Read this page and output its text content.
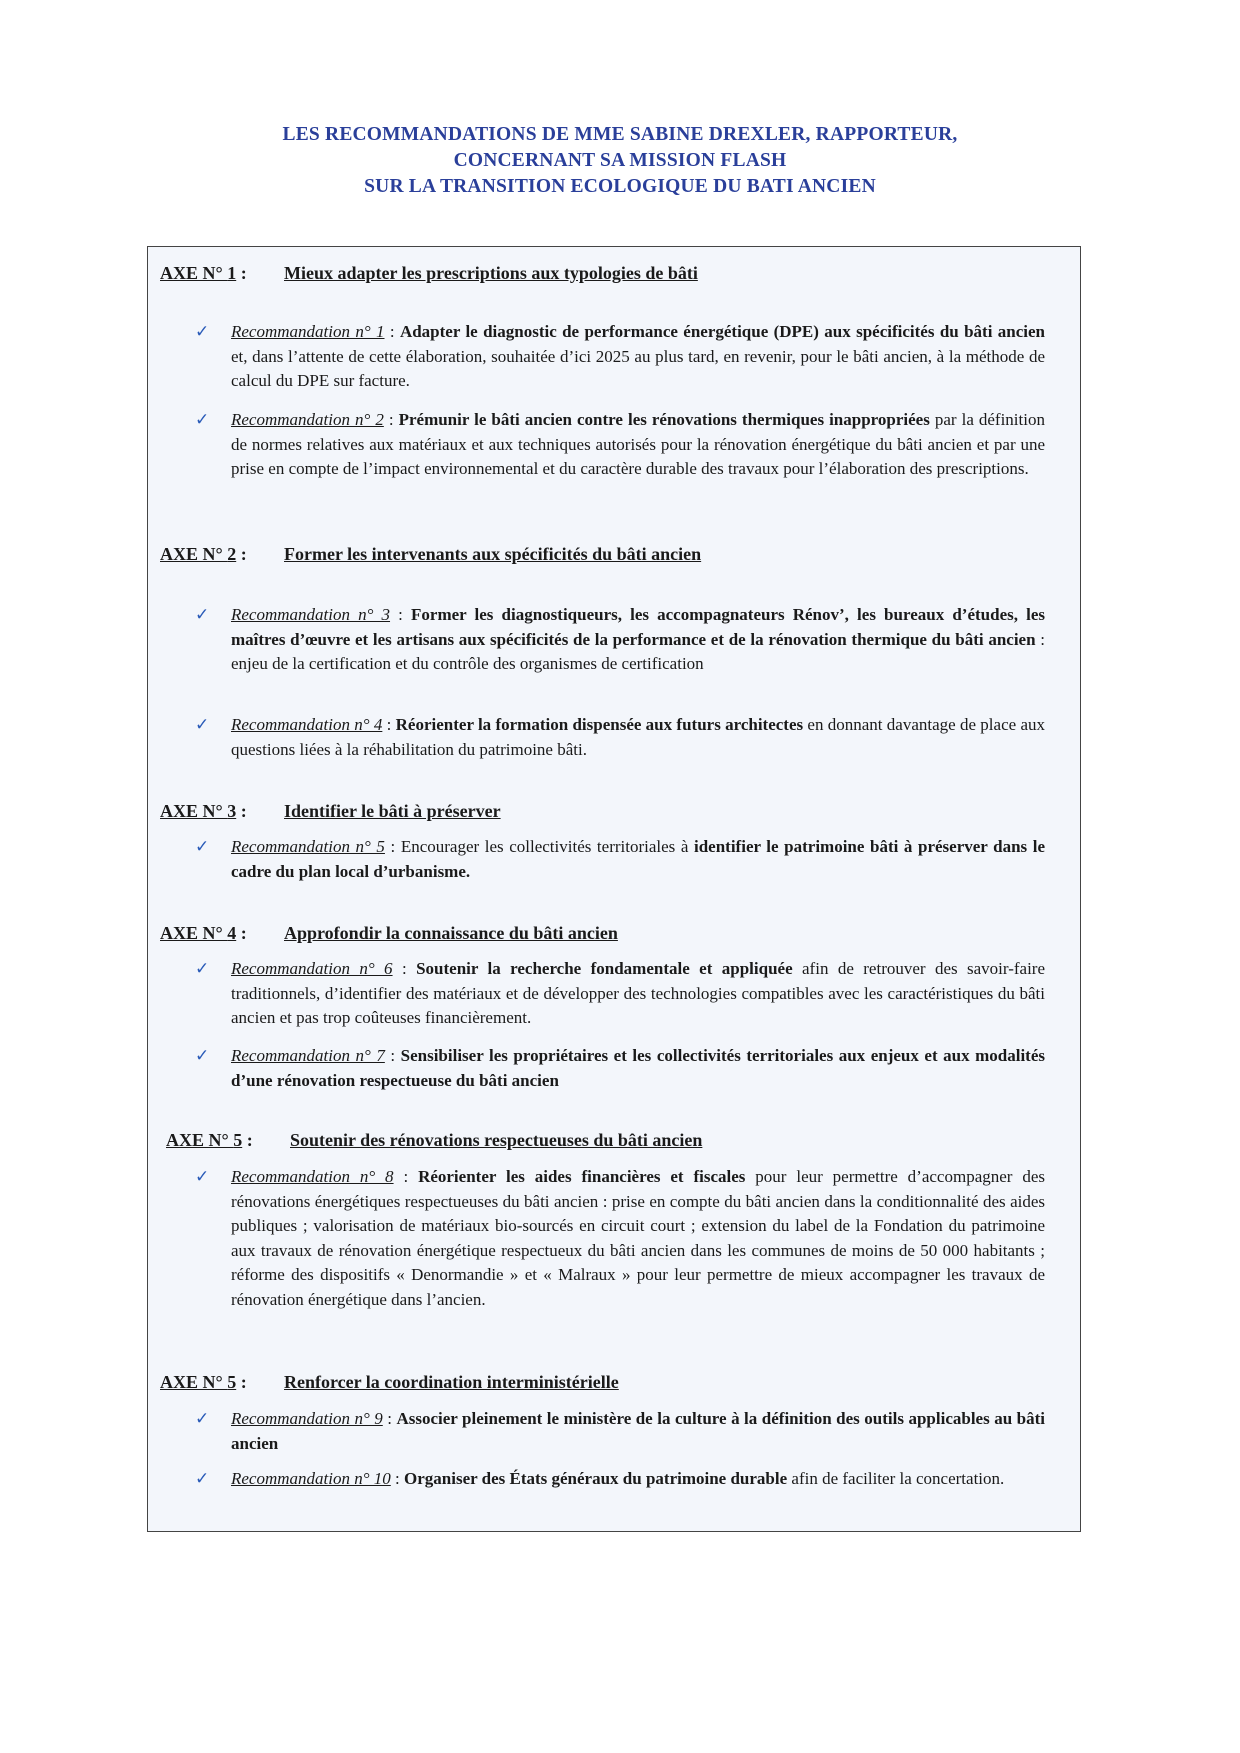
LES RECOMMANDATIONS DE MME SABINE DREXLER, RAPPORTEUR,
CONCERNANT SA MISSION FLASH
SUR LA TRANSITION ECOLOGIQUE DU BATI ANCIEN
AXE N° 1 : Mieux adapter les prescriptions aux typologies de bâti
✓ Recommandation n° 1 : Adapter le diagnostic de performance énergétique (DPE) aux spécificités du bâti ancien et, dans l’attente de cette élaboration, souhaitée d’ici 2025 au plus tard, en revenir, pour le bâti ancien, à la méthode de calcul du DPE sur facture.
✓ Recommandation n° 2 : Prémunir le bâti ancien contre les rénovations thermiques inappropriées par la définition de normes relatives aux matériaux et aux techniques autorisés pour la rénovation énergétique du bâti ancien et par une prise en compte de l’impact environnemental et du caractère durable des travaux pour l’élaboration des prescriptions.
AXE N° 2 : Former les intervenants aux spécificités du bâti ancien
✓ Recommandation n° 3 : Former les diagnostiqueurs, les accompagnateurs Rénov’, les bureaux d’études, les maîtres d’œuvre et les artisans aux spécificités de la performance et de la rénovation thermique du bâti ancien : enjeu de la certification et du contrôle des organismes de certification
✓ Recommandation n° 4 : Réorienter la formation dispensée aux futurs architectes en donnant davantage de place aux questions liées à la réhabilitation du patrimoine bâti.
AXE N° 3 : Identifier le bâti à préserver
✓ Recommandation n° 5 : Encourager les collectivités territoriales à identifier le patrimoine bâti à préserver dans le cadre du plan local d’urbanisme.
AXE N° 4 : Approfondir la connaissance du bâti ancien
✓ Recommandation n° 6 : Soutenir la recherche fondamentale et appliquée afin de retrouver des savoir-faire traditionnels, d’identifier des matériaux et de développer des technologies compatibles avec les caractéristiques du bâti ancien et pas trop coûteuses financièrement.
✓ Recommandation n° 7 : Sensibiliser les propriétaires et les collectivités territoriales aux enjeux et aux modalités d’une rénovation respectueuse du bâti ancien
AXE N° 5 : Soutenir des rénovations respectueuses du bâti ancien
✓ Recommandation n° 8 : Réorienter les aides financières et fiscales pour leur permettre d’accompagner des rénovations énergétiques respectueuses du bâti ancien : prise en compte du bâti ancien dans la conditionnalité des aides publiques ; valorisation de matériaux bio-sourcés en circuit court ; extension du label de la Fondation du patrimoine aux travaux de rénovation énergétique respectueux du bâti ancien dans les communes de moins de 50 000 habitants ; réforme des dispositifs « Denormandie » et « Malraux » pour leur permettre de mieux accompagner les travaux de rénovation énergétique dans l’ancien.
AXE N° 5 : Renforcer la coordination interministérielle
✓ Recommandation n° 9 : Associer pleinement le ministère de la culture à la définition des outils applicables au bâti ancien
✓ Recommandation n° 10 : Organiser des États généraux du patrimoine durable afin de faciliter la concertation.
